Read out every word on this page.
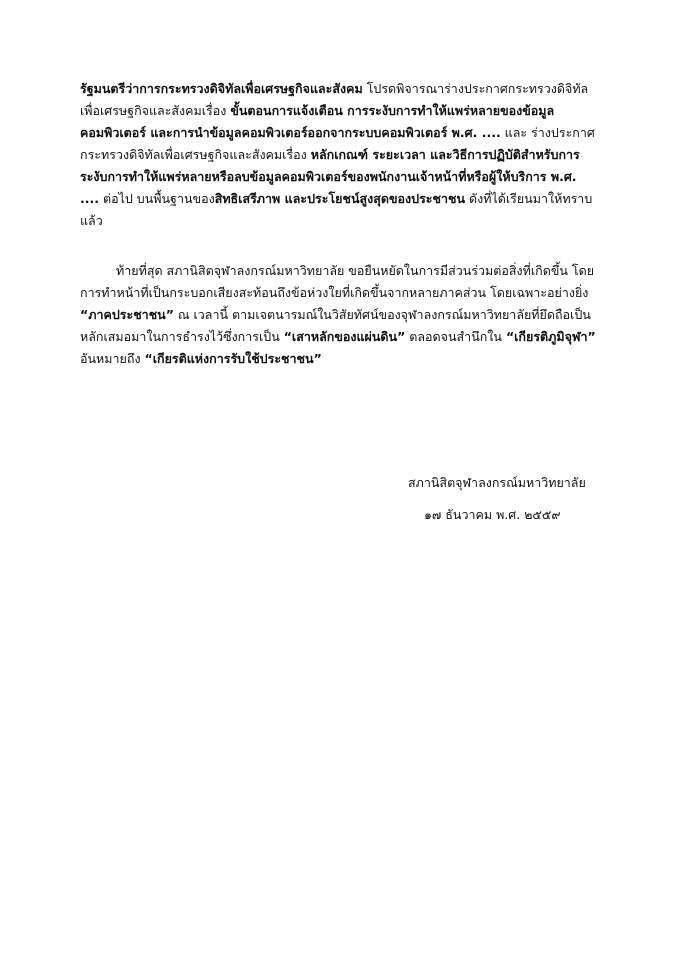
รัฐมนตรีว่าการกระทรวงดิจิทัลเพื่อเศรษฐกิจและสังคม โปรดพิจารณาร่างประกาศกระทรวงดิจิทัลเพื่อเศรษฐกิจและสังคมเรื่อง ขั้นตอนการแจ้งเตือน การระงับการทำให้แพร่หลายของข้อมูลคอมพิวเตอร์ และการนำข้อมูลคอมพิวเตอร์ออกจากระบบคอมพิวเตอร์ พ.ศ. .... และ ร่างประกาศกระทรวงดิจิทัลเพื่อเศรษฐกิจและสังคมเรื่อง หลักเกณฑ์ ระยะเวลา และวิธีการปฏิบัติสำหรับการระงับการทำให้แพร่หลายหรือลบข้อมูลคอมพิวเตอร์ของพนักงานเจ้าหน้าที่หรือผู้ให้บริการ พ.ศ. .... ต่อไป บนพื้นฐานของสิทธิเสรีภาพ และประโยชน์สูงสุดของประชาชน ดังที่ได้เรียนมาให้ทราบแล้ว
ท้ายที่สุด สภานิสิตจุฬาลงกรณ์มหาวิทยาลัย ขอยืนหยัดในการมีส่วนร่วมต่อสิ่งที่เกิดขึ้น โดยการทำหน้าที่เป็นกระบอกเสียงสะท้อนถึงข้อห่วงใยที่เกิดขึ้นจากหลายภาคส่วน โดยเฉพาะอย่างยิ่ง “ภาคประชาชน” ณ เวลานี้ ตามเจตนารมณ์ในวิสัยทัศน์ของจุฬาลงกรณ์มหาวิทยาลัยที่ยึดถือเป็นหลักเสมอมาในการธำรงไว้ซึ่งการเป็น “เสาหลักของแผ่นดิน” ตลอดจนสำนึกใน “เกียรติภูมิจุฬา” อันหมายถึง “เกียรติแห่งการรับใช้ประชาชน”
สภานิสิตจุฬาลงกรณ์มหาวิทยาลัย
๑๗ ธันวาคม พ.ศ. ๒๕๕๙
